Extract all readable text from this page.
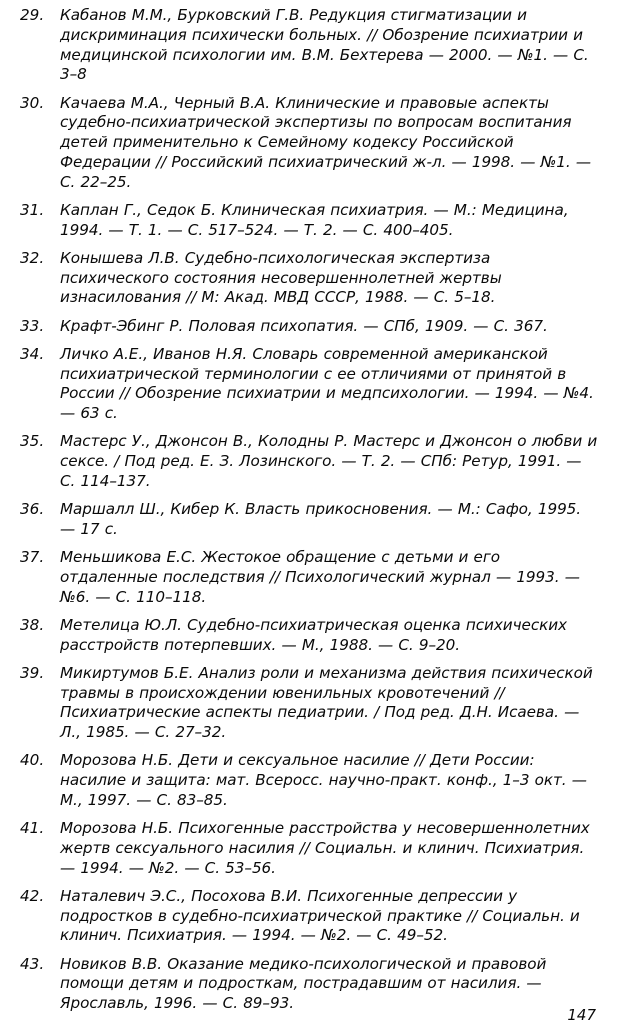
29.	Кабанов М.М., Бурковский Г.В. Редукция стигматизации и дискриминация психически больных. // Обозрение психиатрии и медицинской психологии им. В.М. Бехтерева — 2000. — №1. — С. 3–8
30.	Качаева М.А., Черный В.А. Клинические и правовые аспекты судебно-психиатрической экспертизы по вопросам воспитания детей применительно к Семейному кодексу Российской Федерации // Российский психиатрический ж-л. — 1998. — №1. — С. 22–25.
31.	Каплан Г., Седок Б. Клиническая психиатрия. — М.: Медицина, 1994. — Т. 1. — С. 517–524. — Т. 2. — С. 400–405.
32.	Конышева Л.В. Судебно-психологическая экспертиза психического состояния несовершеннолетней жертвы изнасилования // М: Акад. МВД СССР, 1988. — С. 5–18.
33.	Крафт-Эбинг Р. Половая психопатия. — СПб, 1909. — С. 367.
34.	Личко А.Е., Иванов Н.Я. Словарь современной американской психиатрической терминологии с ее отличиями от принятой в России // Обозрение психиатрии и медпсихологии. — 1994. — №4. — 63 с.
35.	Мастерс У., Джонсон В., Колодны Р. Мастерс и Джонсон о любви и сексе. / Под ред. Е. З. Лозинского. — Т. 2. — СПб: Ретур, 1991. — С. 114–137.
36.	Маршалл Ш., Кибер К. Власть прикосновения. — М.: Сафо, 1995. — 17 с.
37.	Меньшикова Е.С. Жестокое обращение с детьми и его отдаленные последствия // Психологический журнал — 1993. — №6. — С. 110–118.
38.	Метелица Ю.Л. Судебно-психиатрическая оценка психических расстройств потерпевших. — М., 1988. — С. 9–20.
39.	Микиртумов Б.Е. Анализ роли и механизма действия психической травмы в происхождении ювенильных кровотечений // Психиатрические аспекты педиатрии. / Под ред. Д.Н. Исаева. — Л., 1985. — С. 27–32.
40.	Морозова Н.Б. Дети и сексуальное насилие // Дети России: насилие и защита: мат. Всеросс. научно-практ. конф., 1–3 окт. — М., 1997. — С. 83–85.
41.	Морозова Н.Б. Психогенные расстройства у несовершеннолетних жертв сексуального насилия // Социальн. и клинич. Психиатрия. — 1994. — №2. — С. 53–56.
42.	Наталевич Э.С., Посохова В.И. Психогенные депрессии у подростков в судебно-психиатрической практике // Социальн. и клинич. Психиатрия. — 1994. — №2. — С. 49–52.
43.	Новиков В.В. Оказание медико-психологической и правовой помощи детям и подросткам, пострадавшим от насилия. — Ярославль, 1996. — С. 89–93.
147
